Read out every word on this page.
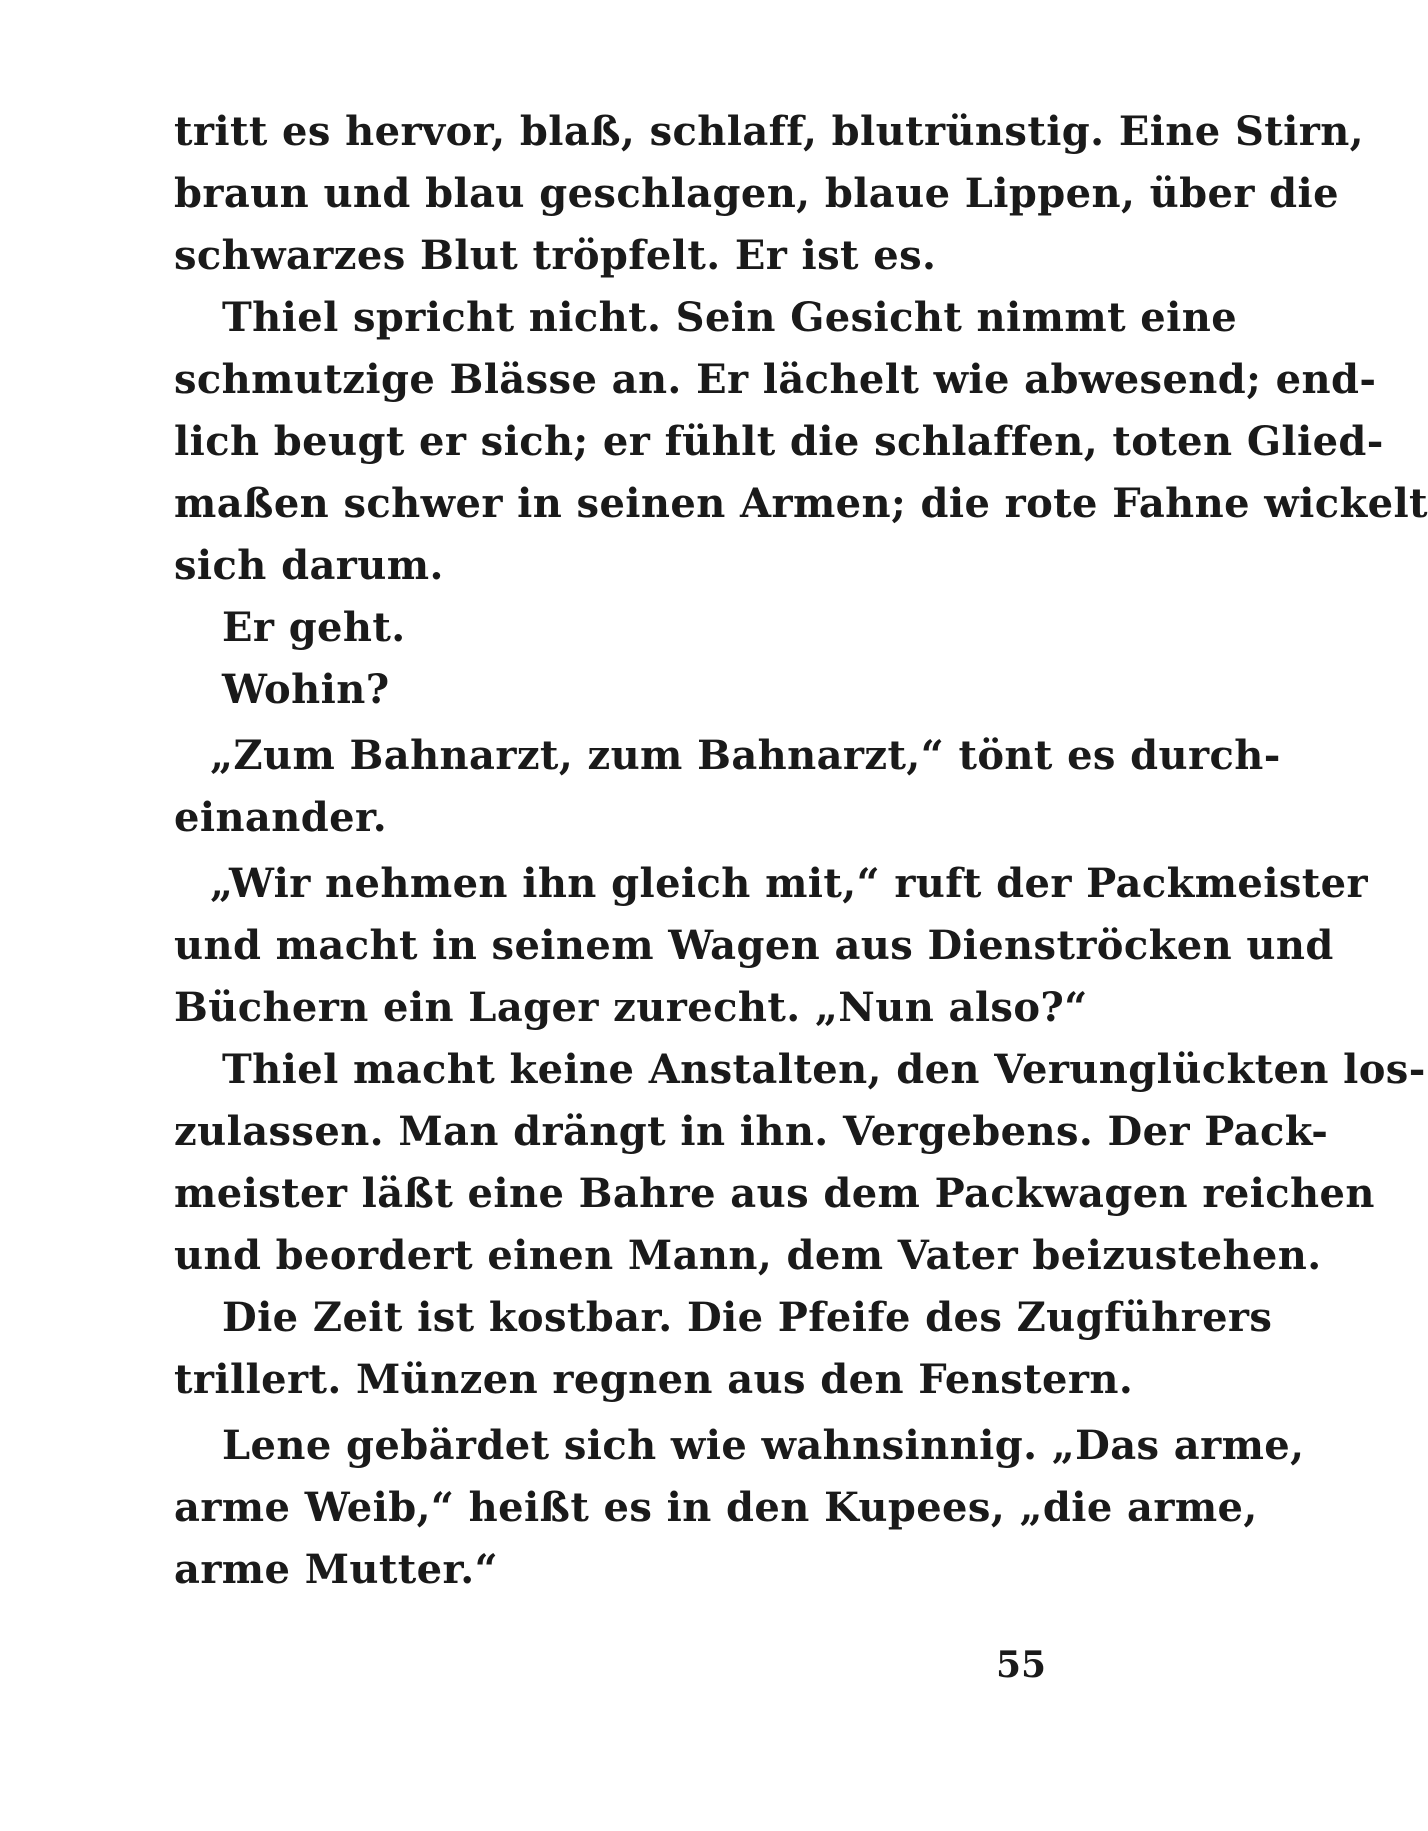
tritt es hervor, blaß, schlaff, blutrünstig. Eine Stirn,
braun und blau geschlagen, blaue Lippen, über die
schwarzes Blut tröpfelt. Er ist es.
Thiel spricht nicht. Sein Gesicht nimmt eine
schmutzige Blässe an. Er lächelt wie abwesend; end-
lich beugt er sich; er fühlt die schlaffen, toten Glied-
maßen schwer in seinen Armen; die rote Fahne wickelt
sich darum.
Er geht.
Wohin?
„Zum Bahnarzt, zum Bahnarzt,“ tönt es durch-
einander.
„Wir nehmen ihn gleich mit,“ ruft der Packmeister
und macht in seinem Wagen aus Dienströcken und
Büchern ein Lager zurecht. „Nun also?“
Thiel macht keine Anstalten, den Verunglückten los-
zulassen. Man drängt in ihn. Vergebens. Der Pack-
meister läßt eine Bahre aus dem Packwagen reichen
und beordert einen Mann, dem Vater beizustehen.
Die Zeit ist kostbar. Die Pfeife des Zugführers
trillert. Münzen regnen aus den Fenstern.
Lene gebärdet sich wie wahnsinnig. „Das arme,
arme Weib,“ heißt es in den Kupees, „die arme,
arme Mutter.“
55
